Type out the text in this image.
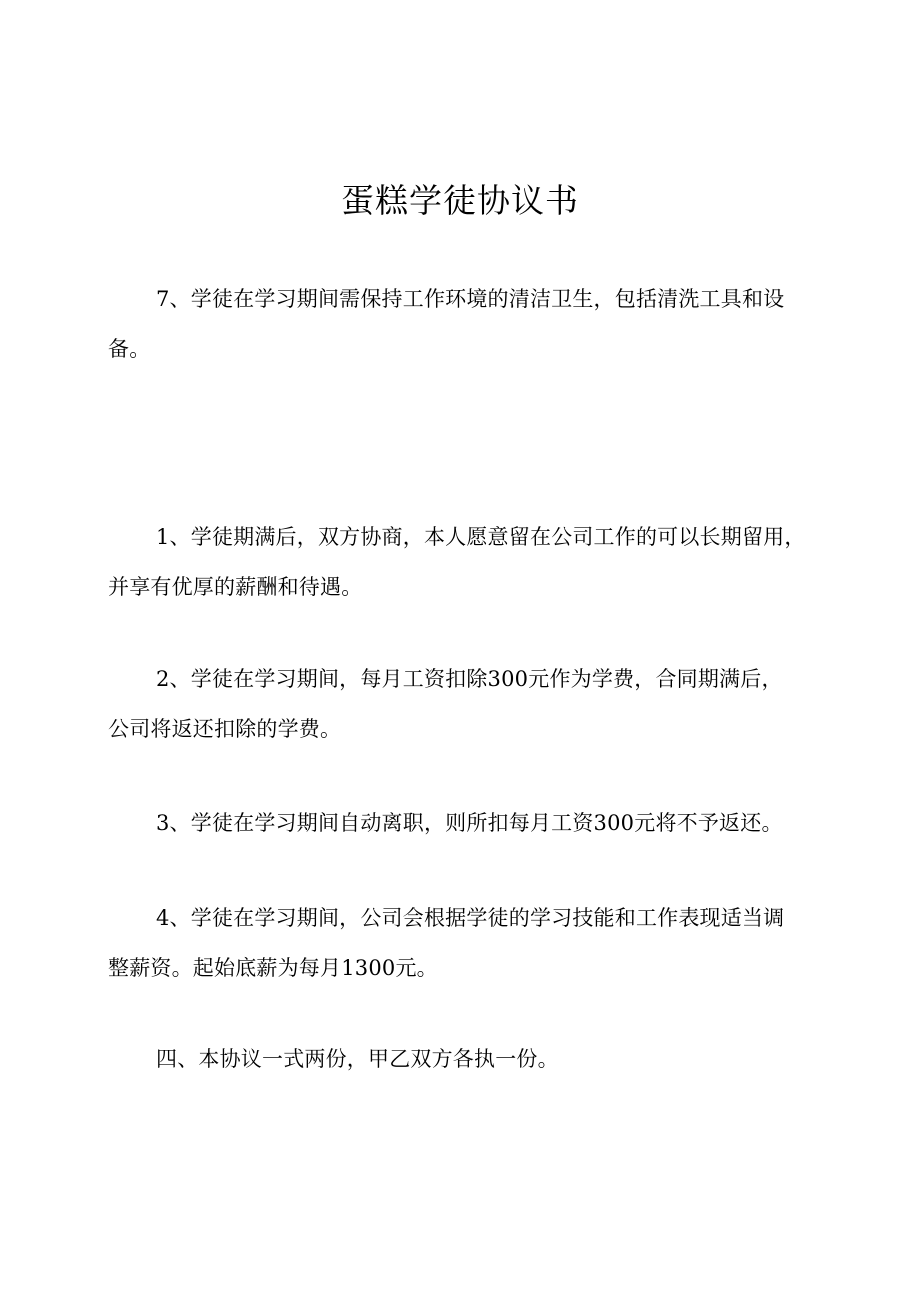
蛋糕学徒协议书
7、学徒在学习期间需保持工作环境的清洁卫生，包括清洗工具和设
备。
1、学徒期满后，双方协商，本人愿意留在公司工作的可以长期留用，
并享有优厚的薪酬和待遇。
2、学徒在学习期间，每月工资扣除300元作为学费，合同期满后，
公司将返还扣除的学费。
3、学徒在学习期间自动离职，则所扣每月工资300元将不予返还。
4、学徒在学习期间，公司会根据学徒的学习技能和工作表现适当调
整薪资。起始底薪为每月1300元。
四、本协议一式两份，甲乙双方各执一份。
